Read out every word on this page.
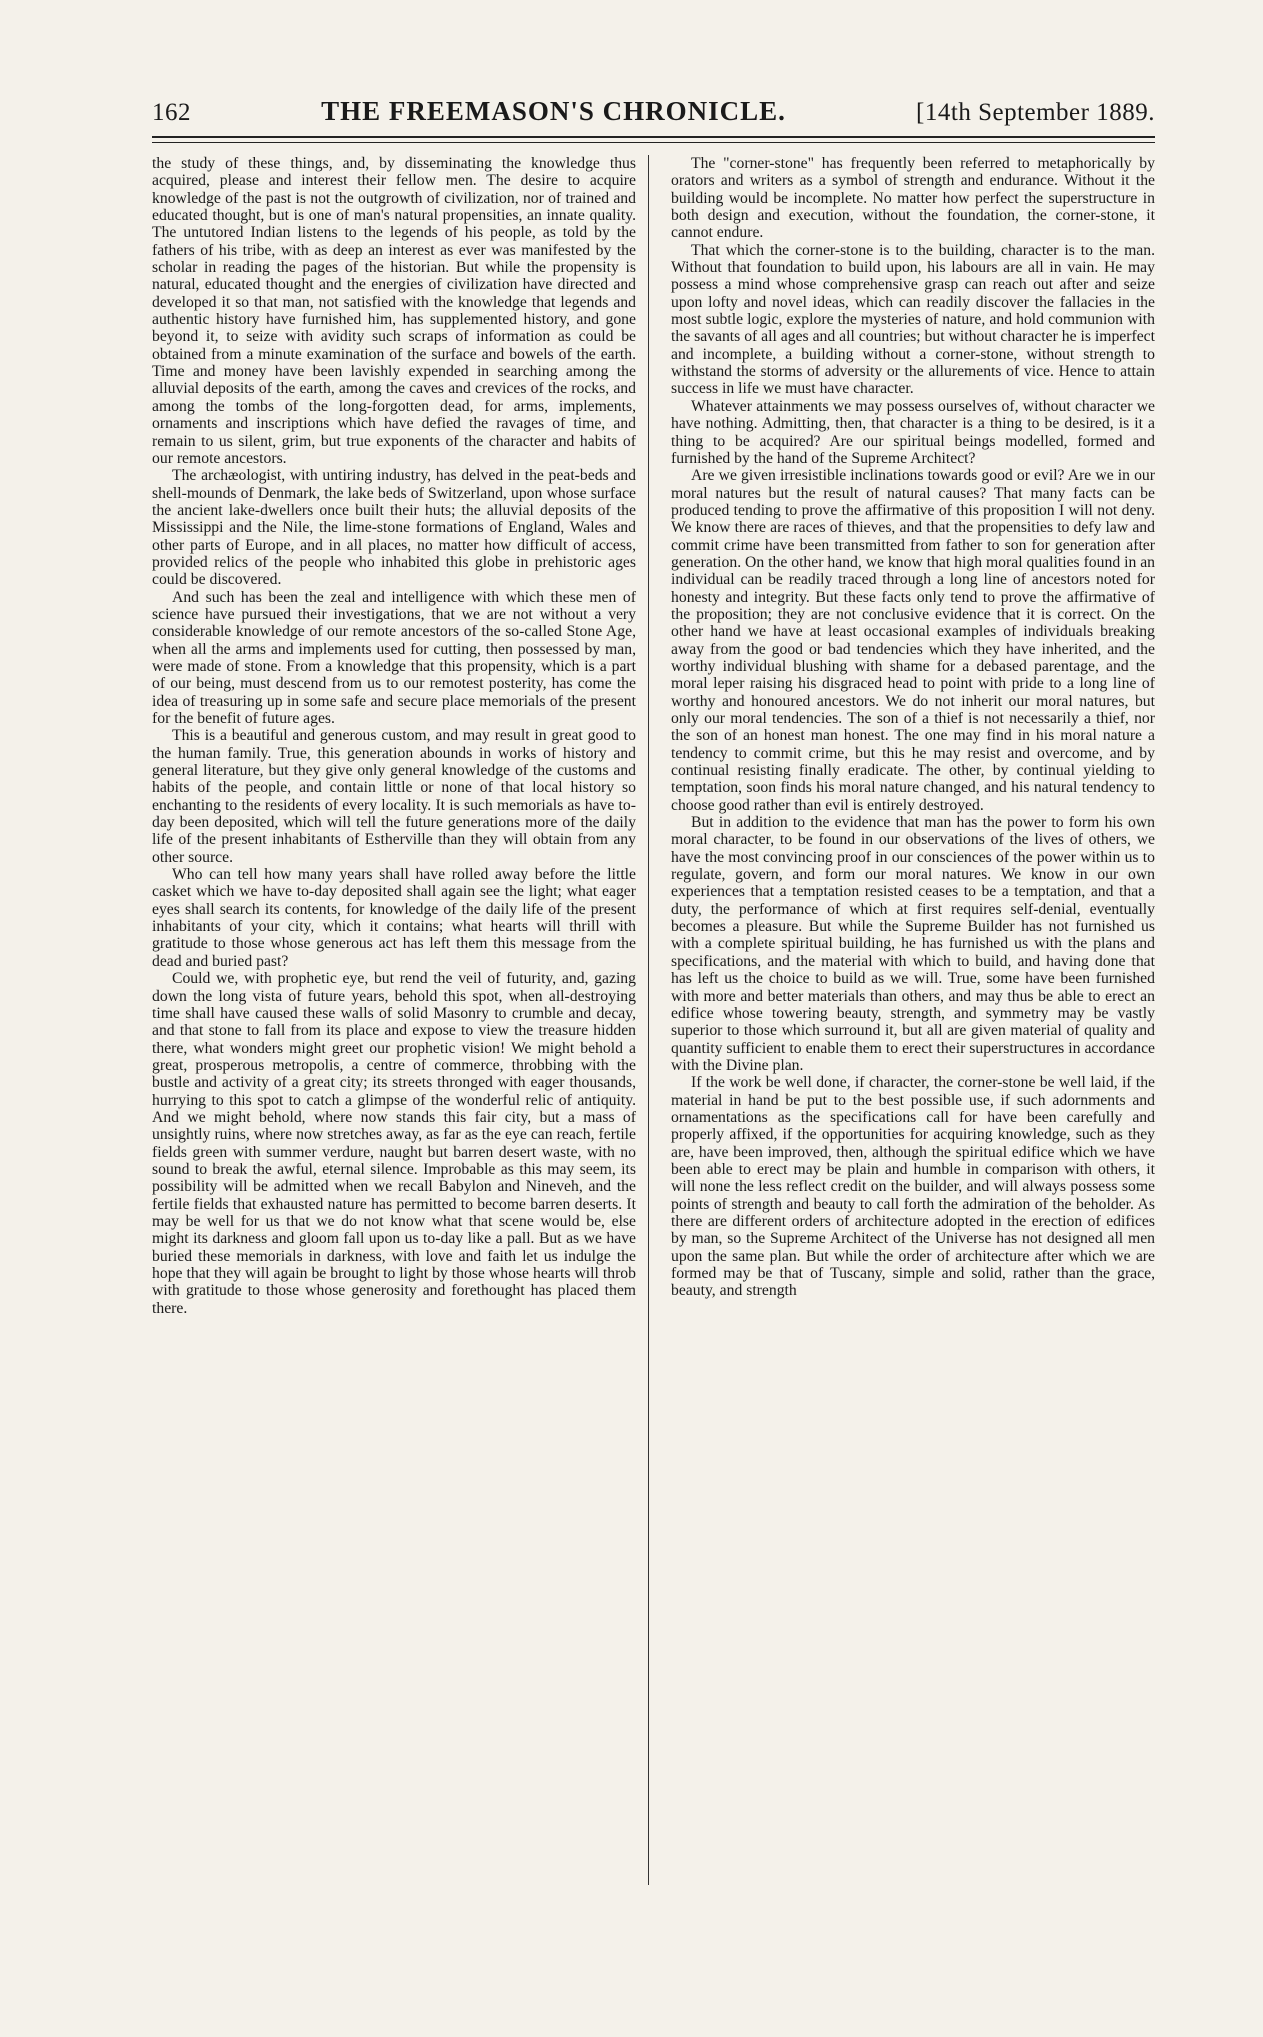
162	THE FREEMASON'S CHRONICLE.	[14th September 1889.

the study of these things, and, by disseminating the knowledge thus acquired, please and interest their fellow men. The desire to acquire knowledge of the past is not the outgrowth of civilization, nor of trained and educated thought, but is one of man's natural propensities, an innate quality. The untutored Indian listens to the legends of his people, as told by the fathers of his tribe, with as deep an interest as ever was manifested by the scholar in reading the pages of the historian. But while the propensity is natural, educated thought and the energies of civilization have directed and developed it so that man, not satisfied with the knowledge that legends and authentic history have furnished him, has supplemented history, and gone beyond it, to seize with avidity such scraps of information as could be obtained from a minute examination of the surface and bowels of the earth. Time and money have been lavishly expended in searching among the alluvial deposits of the earth, among the caves and crevices of the rocks, and among the tombs of the long-forgotten dead, for arms, implements, ornaments and inscriptions which have defied the ravages of time, and remain to us silent, grim, but true exponents of the character and habits of our remote ancestors.

The archæologist, with untiring industry, has delved in the peat-beds and shell-mounds of Denmark, the lake beds of Switzerland, upon whose surface the ancient lake-dwellers once built their huts; the alluvial deposits of the Mississippi and the Nile, the lime-stone formations of England, Wales and other parts of Europe, and in all places, no matter how difficult of access, provided relics of the people who inhabited this globe in prehistoric ages could be discovered.

And such has been the zeal and intelligence with which these men of science have pursued their investigations, that we are not without a very considerable knowledge of our remote ancestors of the so-called Stone Age, when all the arms and implements used for cutting, then possessed by man, were made of stone. From a knowledge that this propensity, which is a part of our being, must descend from us to our remotest posterity, has come the idea of treasuring up in some safe and secure place memorials of the present for the benefit of future ages.

This is a beautiful and generous custom, and may result in great good to the human family. True, this generation abounds in works of history and general literature, but they give only general knowledge of the customs and habits of the people, and contain little or none of that local history so enchanting to the residents of every locality. It is such memorials as have to-day been deposited, which will tell the future generations more of the daily life of the present inhabitants of Estherville than they will obtain from any other source.

Who can tell how many years shall have rolled away before the little casket which we have to-day deposited shall again see the light; what eager eyes shall search its contents, for knowledge of the daily life of the present inhabitants of your city, which it contains; what hearts will thrill with gratitude to those whose generous act has left them this message from the dead and buried past?

Could we, with prophetic eye, but rend the veil of futurity, and, gazing down the long vista of future years, behold this spot, when all-destroying time shall have caused these walls of solid Masonry to crumble and decay, and that stone to fall from its place and expose to view the treasure hidden there, what wonders might greet our prophetic vision! We might behold a great, prosperous metropolis, a centre of commerce, throbbing with the bustle and activity of a great city; its streets thronged with eager thousands, hurrying to this spot to catch a glimpse of the wonderful relic of antiquity. And we might behold, where now stands this fair city, but a mass of unsightly ruins, where now stretches away, as far as the eye can reach, fertile fields green with summer verdure, naught but barren desert waste, with no sound to break the awful, eternal silence. Improbable as this may seem, its possibility will be admitted when we recall Babylon and Nineveh, and the fertile fields that exhausted nature has permitted to become barren deserts. It may be well for us that we do not know what that scene would be, else might its darkness and gloom fall upon us to-day like a pall. But as we have buried these memorials in darkness, with love and faith let us indulge the hope that they will again be brought to light by those whose hearts will throb with gratitude to those whose generosity and forethought has placed them there.

The "corner-stone" has frequently been referred to metaphorically by orators and writers as a symbol of strength and endurance. Without it the building would be incomplete. No matter how perfect the superstructure in both design and execution, without the foundation, the corner-stone, it cannot endure.

That which the corner-stone is to the building, character is to the man. Without that foundation to build upon, his labours are all in vain. He may possess a mind whose comprehensive grasp can reach out after and seize upon lofty and novel ideas, which can readily discover the fallacies in the most subtle logic, explore the mysteries of nature, and hold communion with the savants of all ages and all countries; but without character he is imperfect and incomplete, a building without a corner-stone, without strength to withstand the storms of adversity or the allurements of vice. Hence to attain success in life we must have character.

Whatever attainments we may possess ourselves of, without character we have nothing. Admitting, then, that character is a thing to be desired, is it a thing to be acquired? Are our spiritual beings modelled, formed and furnished by the hand of the Supreme Architect?

Are we given irresistible inclinations towards good or evil? Are we in our moral natures but the result of natural causes? That many facts can be produced tending to prove the affirmative of this proposition I will not deny. We know there are races of thieves, and that the propensities to defy law and commit crime have been transmitted from father to son for generation after generation. On the other hand, we know that high moral qualities found in an individual can be readily traced through a long line of ancestors noted for honesty and integrity. But these facts only tend to prove the affirmative of the proposition; they are not conclusive evidence that it is correct. On the other hand we have at least occasional examples of individuals breaking away from the good or bad tendencies which they have inherited, and the worthy individual blushing with shame for a debased parentage, and the moral leper raising his disgraced head to point with pride to a long line of worthy and honoured ancestors. We do not inherit our moral natures, but only our moral tendencies. The son of a thief is not necessarily a thief, nor the son of an honest man honest. The one may find in his moral nature a tendency to commit crime, but this he may resist and overcome, and by continual resisting finally eradicate. The other, by continual yielding to temptation, soon finds his moral nature changed, and his natural tendency to choose good rather than evil is entirely destroyed.

But in addition to the evidence that man has the power to form his own moral character, to be found in our observations of the lives of others, we have the most convincing proof in our consciences of the power within us to regulate, govern, and form our moral natures. We know in our own experiences that a temptation resisted ceases to be a temptation, and that a duty, the performance of which at first requires self-denial, eventually becomes a pleasure. But while the Supreme Builder has not furnished us with a complete spiritual building, he has furnished us with the plans and specifications, and the material with which to build, and having done that has left us the choice to build as we will. True, some have been furnished with more and better materials than others, and may thus be able to erect an edifice whose towering beauty, strength, and symmetry may be vastly superior to those which surround it, but all are given material of quality and quantity sufficient to enable them to erect their superstructures in accordance with the Divine plan.

If the work be well done, if character, the corner-stone be well laid, if the material in hand be put to the best possible use, if such adornments and ornamentations as the specifications call for have been carefully and properly affixed, if the opportunities for acquiring knowledge, such as they are, have been improved, then, although the spiritual edifice which we have been able to erect may be plain and humble in comparison with others, it will none the less reflect credit on the builder, and will always possess some points of strength and beauty to call forth the admiration of the beholder. As there are different orders of architecture adopted in the erection of edifices by man, so the Supreme Architect of the Universe has not designed all men upon the same plan. But while the order of architecture after which we are formed may be that of Tuscany, simple and solid, rather than the grace, beauty, and strength
